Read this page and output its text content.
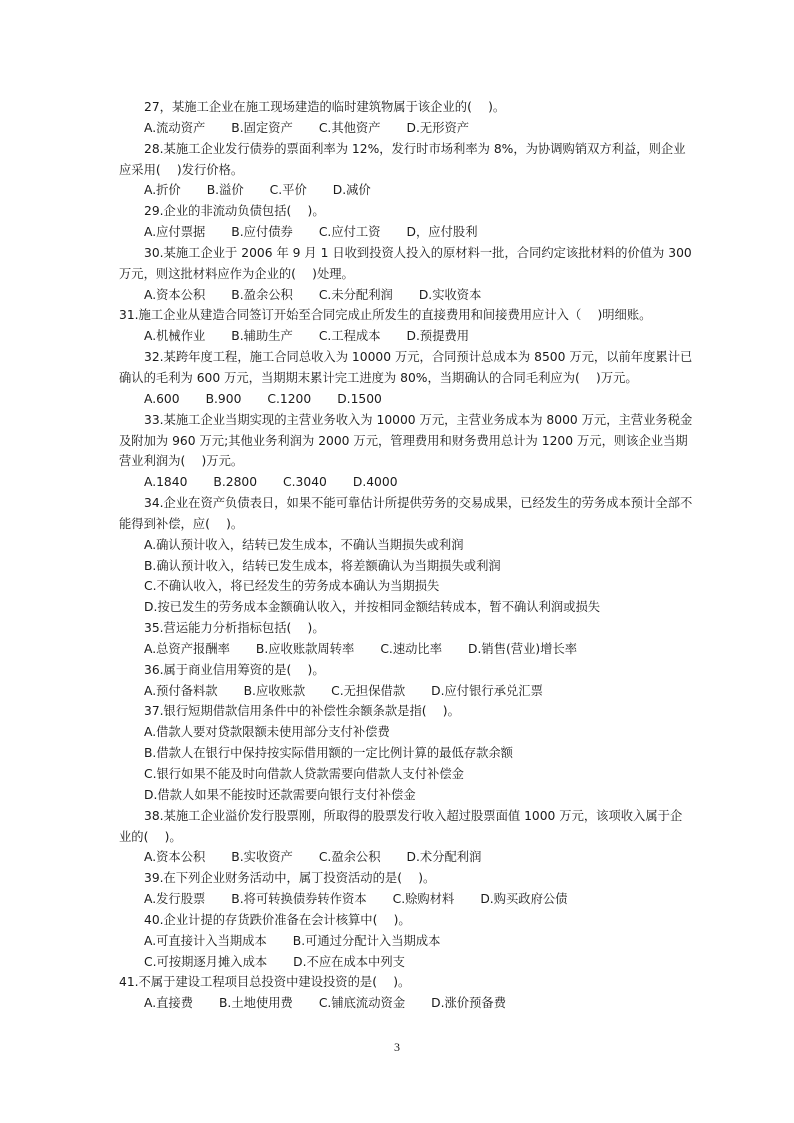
27，某施工企业在施工现场建造的临时建筑物属于该企业的(　 )。
A.流动资产 B.固定资产 C.其他资产 D.无形资产
28.某施工企业发行债券的票面利率为 12%，发行时市场利率为 8%，为协调购销双方利益，则企业
应采用(　 )发行价格。
A.折价 B.溢价 C.平价 D.减价
29.企业的非流动负债包括(　 )。
A.应付票据 B.应付债券 C.应付工资 D，应付股利
30.某施工企业于 2006 年 9 月 1 日收到投资人投入的原材料一批，合同约定该批材料的价值为 300
万元，则这批材料应作为企业的(　 )处理。
A.资本公积 B.盈余公积 C.未分配利润 D.实收资本
31.施工企业从建造合同签订开始至合同完成止所发生的直接费用和间接费用应计入（　 )明细账。
A.机械作业 B.辅助生产 C.工程成本 D.预提费用
32.某跨年度工程，施工合同总收入为 10000 万元，合同预计总成本为 8500 万元，以前年度累计已
确认的毛利为 600 万元，当期期末累计完工进度为 80%，当期确认的合同毛利应为(　 )万元。
A.600 B.900 C.1200 D.1500
33.某施工企业当期实现的主营业务收入为 10000 万元，主营业务成本为 8000 万元，主营业务税金
及附加为 960 万元;其他业务利润为 2000 万元，管理费用和财务费用总计为 1200 万元，则该企业当期
营业利润为(　 )万元。
A.1840 B.2800 C.3040 D.4000
34.企业在资产负债表日，如果不能可靠估计所提供劳务的交易成果，已经发生的劳务成本预计全部不
能得到补偿，应(　 )。
A.确认预计收入，结转已发生成本，不确认当期损失或利润
B.确认预计收入，结转已发生成本，将差额确认为当期损失或利润
C.不确认收入，将已经发生的劳务成本确认为当期损失
D.按已发生的劳务成本金额确认收入，并按相同金额结转成本，暂不确认利润或损失
35.营运能力分析指标包括(　 )。
A.总资产报酬率 B.应收账款周转率 C.速动比率 D.销售(营业)增长率
36.属于商业信用筹资的是(　 )。
A.预付备料款 B.应收账款 C.无担保借款 D.应付银行承兑汇票
37.银行短期借款信用条件中的补偿性余额条款是指(　 )。
A.借款人要对贷款限额未使用部分支付补偿费
B.借款人在银行中保持按实际借用额的一定比例计算的最低存款余额
C.银行如果不能及时向借款人贷款需要向借款人支付补偿金
D.借款人如果不能按时还款需要向银行支付补偿金
38.某施工企业溢价发行股票刚，所取得的股票发行收入超过股票面值 1000 万元，该项收入属于企
业的(　 )。
A.资本公积 B.实收资产 C.盈余公积 D.术分配利润
39.在下列企业财务活动中，属丁投资活动的是(　 )。
A.发行股票 B.将可转换债券转作资本 C.赊购材料 D.购买政府公债
40.企业计提的存货跌价准备在会计核算中(　 )。
A.可直接计入当期成本 B.可通过分配计入当期成本
C.可按期逐月摊入成本 D.不应在成本中列支
41.不属于建设工程项目总投资中建设投资的是(　 )。
A.直接费 B.土地使用费 C.铺底流动资金 D.涨价预备费
3
